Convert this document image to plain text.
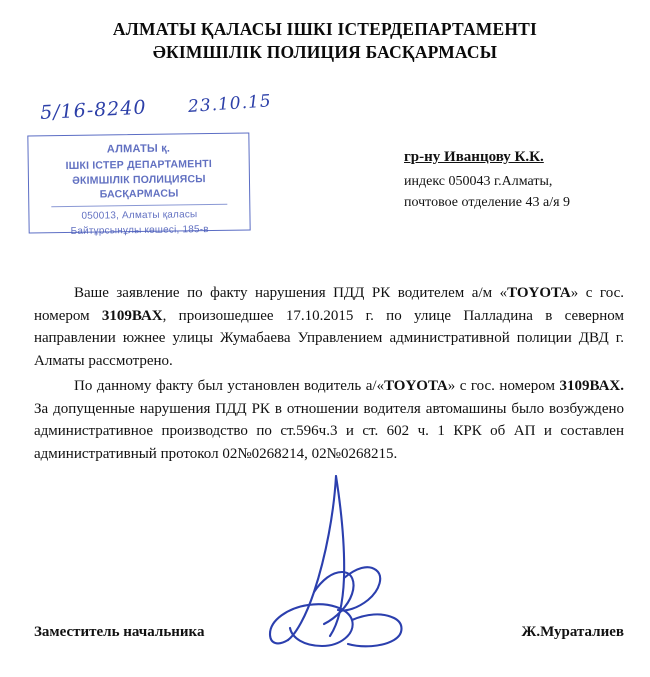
АЛМАТЫ ҚАЛАСЫ ІШКІ ІСТЕРДЕПАРТАМЕНТІ
ӘКІМШІЛІК ПОЛИЦИЯ БАСҚАРМАСЫ
5/16-8240 23.10.15
АЛМАТЫ қ.
ІШКІ ІСТЕР ДЕПАРТАМЕНТІ
ӘКІМШІЛІК ПОЛИЦИЯСЫ
БАСҚАРМАСЫ
050013, Алматы қаласы
Байтұрсынұлы көшесі, 185-в
гр-ну Иванцову К.К.
индекс 050043 г.Алматы,
почтовое отделение 43 а/я 9

Ваше заявление по факту нарушения ПДД РК водителем а/м «TOYOTA» с гос. номером 3109ВАХ, произошедшее 17.10.2015 г. по улице Палладина в северном направлении южнее улицы Жумабаева Управлением административной полиции ДВД г. Алматы рассмотрено.

По данному факту был установлен водитель а/«TOYOTA» с гос. номером 3109ВАХ. За допущенные нарушения ПДД РК в отношении водителя автомашины было возбуждено административное производство по ст.596ч.3 и ст. 602 ч. 1 КРК об АП и составлен административный протокол 02№0268214, 02№0268215.

Заместитель начальника	Ж.Мураталиев
